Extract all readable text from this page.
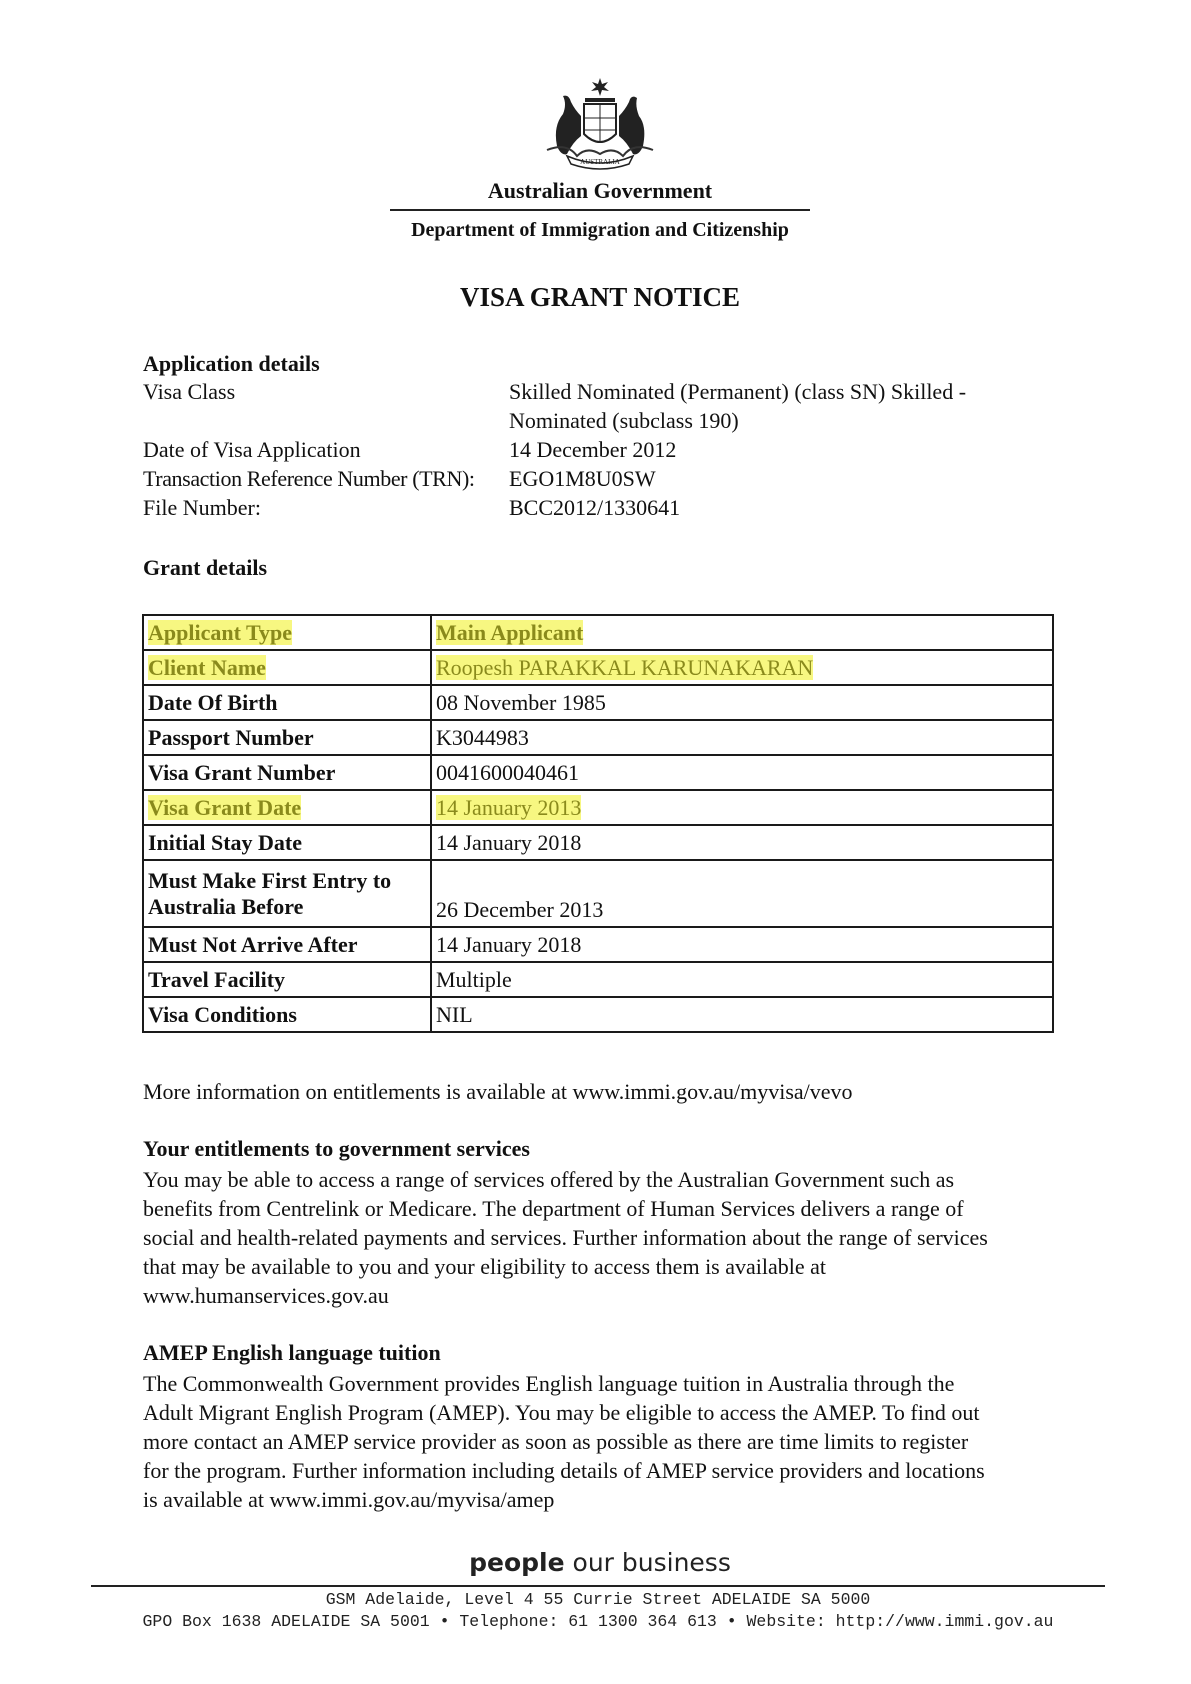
AUSTRALIA
Australian Government
Department of Immigration and Citizenship
VISA GRANT NOTICE
Application details
Visa Class	Skilled Nominated (Permanent) (class SN) Skilled -
Nominated (subclass 190)
Date of Visa Application	14 December 2012
Transaction Reference Number (TRN): EGO1M8U0SW
File Number:	BCC2012/1330641
Grant details
Applicant Type	Main Applicant
Client Name	Roopesh PARAKKAL KARUNAKARAN
Date Of Birth	08 November 1985
Passport Number	K3044983
Visa Grant Number	0041600040461
Visa Grant Date	14 January 2013
Initial Stay Date	14 January 2018

Must Make First Entry to
Australia Before	26 December 2013
Must Not Arrive After	14 January 2018
Travel Facility	Multiple
Visa Conditions	NIL
More information on entitlements is available at www.immi.gov.au/myvisa/vevo
Your entitlements to government services
You may be able to access a range of services offered by the Australian Government such as
benefits from Centrelink or Medicare. The department of Human Services delivers a range of
social and health-related payments and services. Further information about the range of services
that may be available to you and your eligibility to access them is available at
www.humanservices.gov.au
AMEP English language tuition
The Commonwealth Government provides English language tuition in Australia through the
Adult Migrant English Program (AMEP). You may be eligible to access the AMEP. To find out
more contact an AMEP service provider as soon as possible as there are time limits to register
for the program. Further information including details of AMEP service providers and locations
is available at www.immi.gov.au/myvisa/amep
people our business
GSM Adelaide, Level 4 55 Currie Street ADELAIDE SA 5000
GPO Box 1638 ADELAIDE SA 5001 • Telephone: 61 1300 364 613 • Website: http://www.immi.gov.au
